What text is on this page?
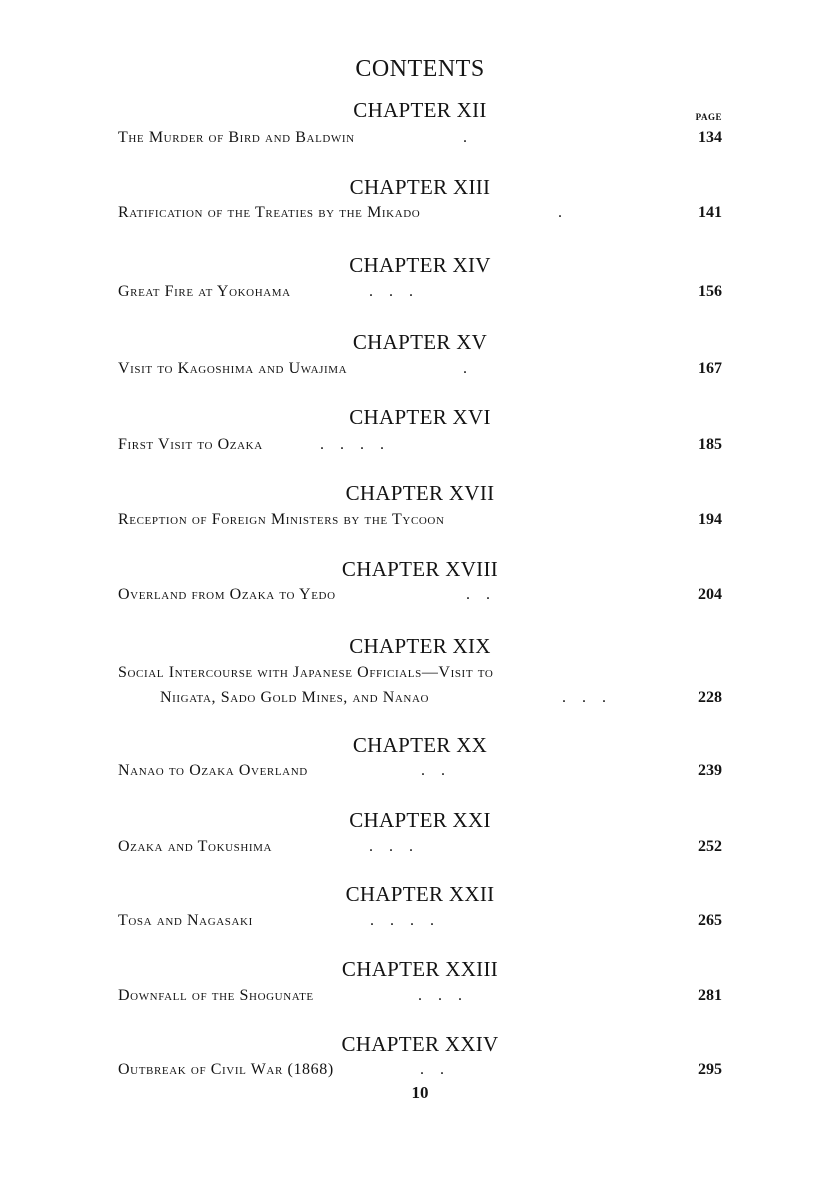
CONTENTS
PAGE
CHAPTER XII
The Murder of Bird and Baldwin	.	134
CHAPTER XIII
Ratification of the Treaties by the Mikado	.	141
CHAPTER XIV
Great Fire at Yokohama	.    .    .	156
CHAPTER XV
Visit to Kagoshima and Uwajima	.	167
CHAPTER XVI
First Visit to Ozaka	.    .    .    .	185
CHAPTER XVII
Reception of Foreign Ministers by the Tycoon	194
CHAPTER XVIII
Overland from Ozaka to Yedo	.    .	204
CHAPTER XIX
Social Intercourse with Japanese Officials—Visit to
Niigata, Sado Gold Mines, and Nanao	.    .    .	228
CHAPTER XX
Nanao to Ozaka Overland	.    .	239
CHAPTER XXI
Ozaka and Tokushima	.    .    .	252
CHAPTER XXII
Tosa and Nagasaki	.    .    .    .	265
CHAPTER XXIII
Downfall of the Shogunate	.    .    .	281
CHAPTER XXIV
Outbreak of Civil War (1868)	.    .	295
10
